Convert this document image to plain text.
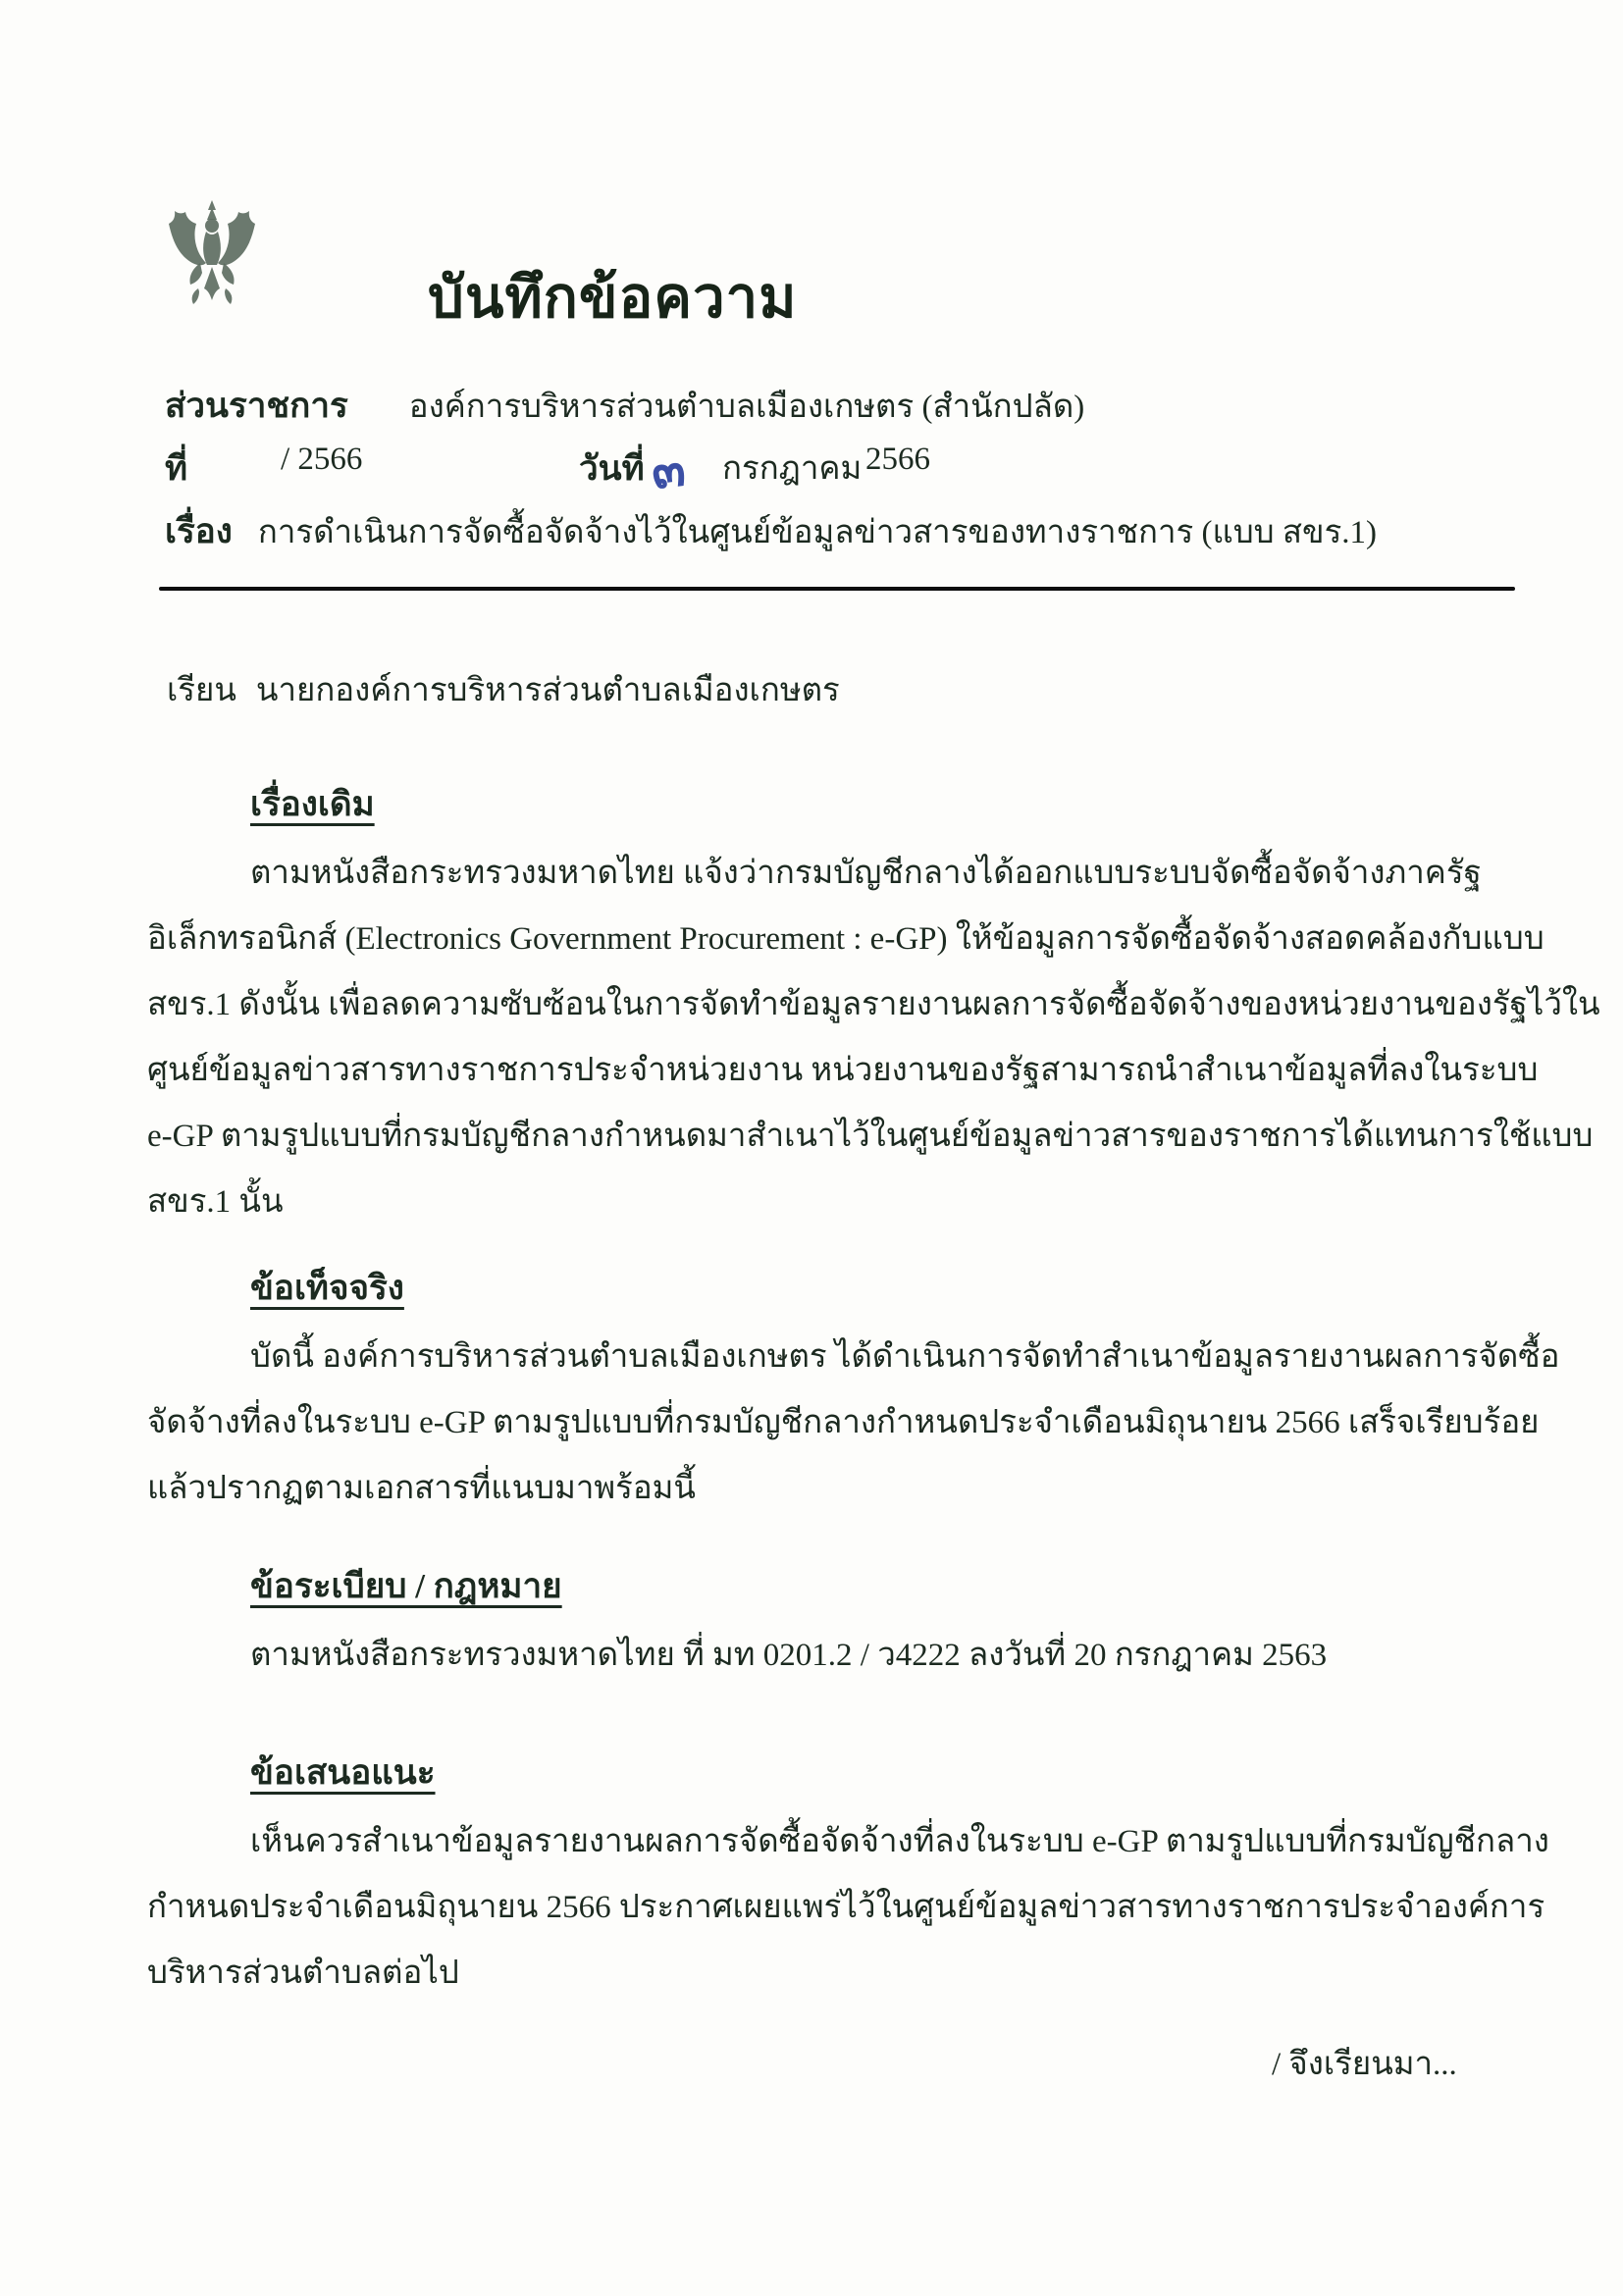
บันทึกข้อความ
ส่วนราชการ องค์การบริหารส่วนตำบลเมืองเกษตร (สำนักปลัด)
ที่	/ 2566	วันที่ ๓ กรกฎาคม 2566
เรื่อง การดำเนินการจัดซื้อจัดจ้างไว้ในศูนย์ข้อมูลข่าวสารของทางราชการ (แบบ สขร.1)
เรียน นายกองค์การบริหารส่วนตำบลเมืองเกษตร
เรื่องเดิม
ตามหนังสือกระทรวงมหาดไทย แจ้งว่ากรมบัญชีกลางได้ออกแบบระบบจัดซื้อจัดจ้างภาครัฐ
อิเล็กทรอนิกส์ (Electronics Government Procurement : e-GP) ให้ข้อมูลการจัดซื้อจัดจ้างสอดคล้องกับแบบ
สขร.1 ดังนั้น เพื่อลดความซับซ้อนในการจัดทำข้อมูลรายงานผลการจัดซื้อจัดจ้างของหน่วยงานของรัฐไว้ใน
ศูนย์ข้อมูลข่าวสารทางราชการประจำหน่วยงาน หน่วยงานของรัฐสามารถนำสำเนาข้อมูลที่ลงในระบบ
e-GP ตามรูปแบบที่กรมบัญชีกลางกำหนดมาสำเนาไว้ในศูนย์ข้อมูลข่าวสารของราชการได้แทนการใช้แบบ
สขร.1 นั้น
ข้อเท็จจริง
บัดนี้ องค์การบริหารส่วนตำบลเมืองเกษตร ได้ดำเนินการจัดทำสำเนาข้อมูลรายงานผลการจัดซื้อ
จัดจ้างที่ลงในระบบ e-GP ตามรูปแบบที่กรมบัญชีกลางกำหนดประจำเดือนมิถุนายน 2566 เสร็จเรียบร้อย
แล้วปรากฏตามเอกสารที่แนบมาพร้อมนี้
ข้อระเบียบ / กฎหมาย
ตามหนังสือกระทรวงมหาดไทย ที่ มท 0201.2 / ว4222 ลงวันที่ 20 กรกฎาคม 2563
ข้อเสนอแนะ
เห็นควรสำเนาข้อมูลรายงานผลการจัดซื้อจัดจ้างที่ลงในระบบ e-GP ตามรูปแบบที่กรมบัญชีกลาง
กำหนดประจำเดือนมิถุนายน 2566 ประกาศเผยแพร่ไว้ในศูนย์ข้อมูลข่าวสารทางราชการประจำองค์การ
บริหารส่วนตำบลต่อไป
/ จึงเรียนมา...
